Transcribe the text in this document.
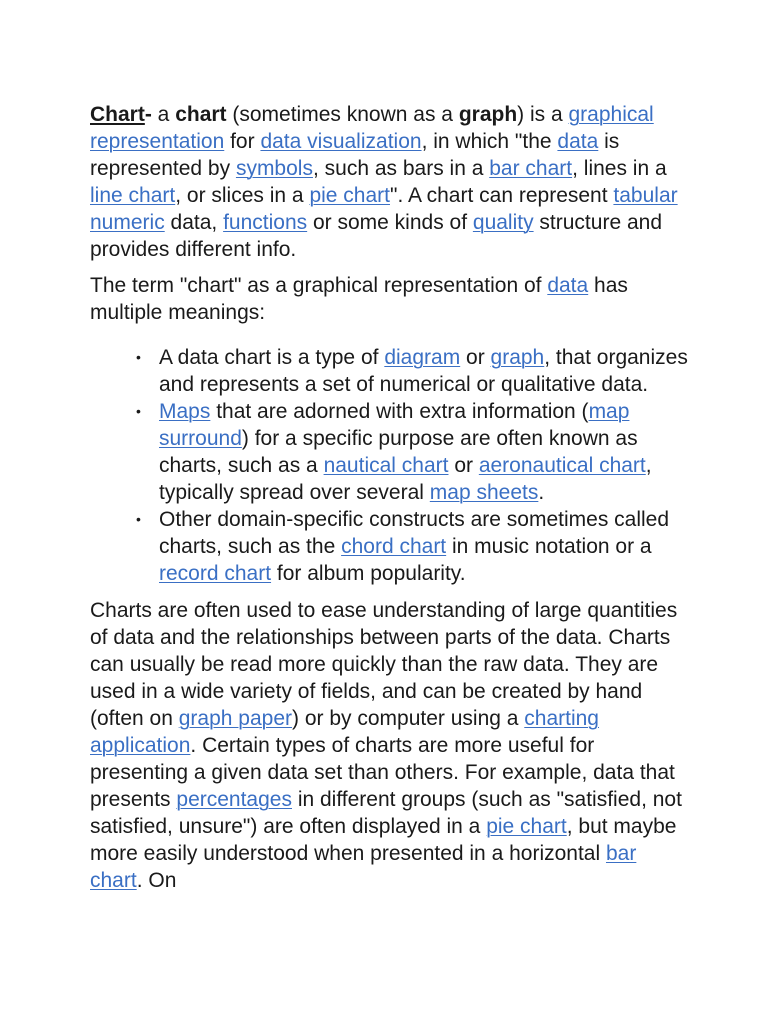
Chart- a chart (sometimes known as a graph) is a graphical representation for data visualization, in which "the data is represented by symbols, such as bars in a bar chart, lines in a line chart, or slices in a pie chart". A chart can represent tabular numeric data, functions or some kinds of quality structure and provides different info.

The term "chart" as a graphical representation of data has multiple meanings:

• A data chart is a type of diagram or graph, that organizes and represents a set of numerical or qualitative data.
• Maps that are adorned with extra information (map surround) for a specific purpose are often known as charts, such as a nautical chart or aeronautical chart, typically spread over several map sheets.
• Other domain-specific constructs are sometimes called charts, such as the chord chart in music notation or a record chart for album popularity.

Charts are often used to ease understanding of large quantities of data and the relationships between parts of the data. Charts can usually be read more quickly than the raw data. They are used in a wide variety of fields, and can be created by hand (often on graph paper) or by computer using a charting application. Certain types of charts are more useful for presenting a given data set than others. For example, data that presents percentages in different groups (such as "satisfied, not satisfied, unsure") are often displayed in a pie chart, but maybe more easily understood when presented in a horizontal bar chart. On
